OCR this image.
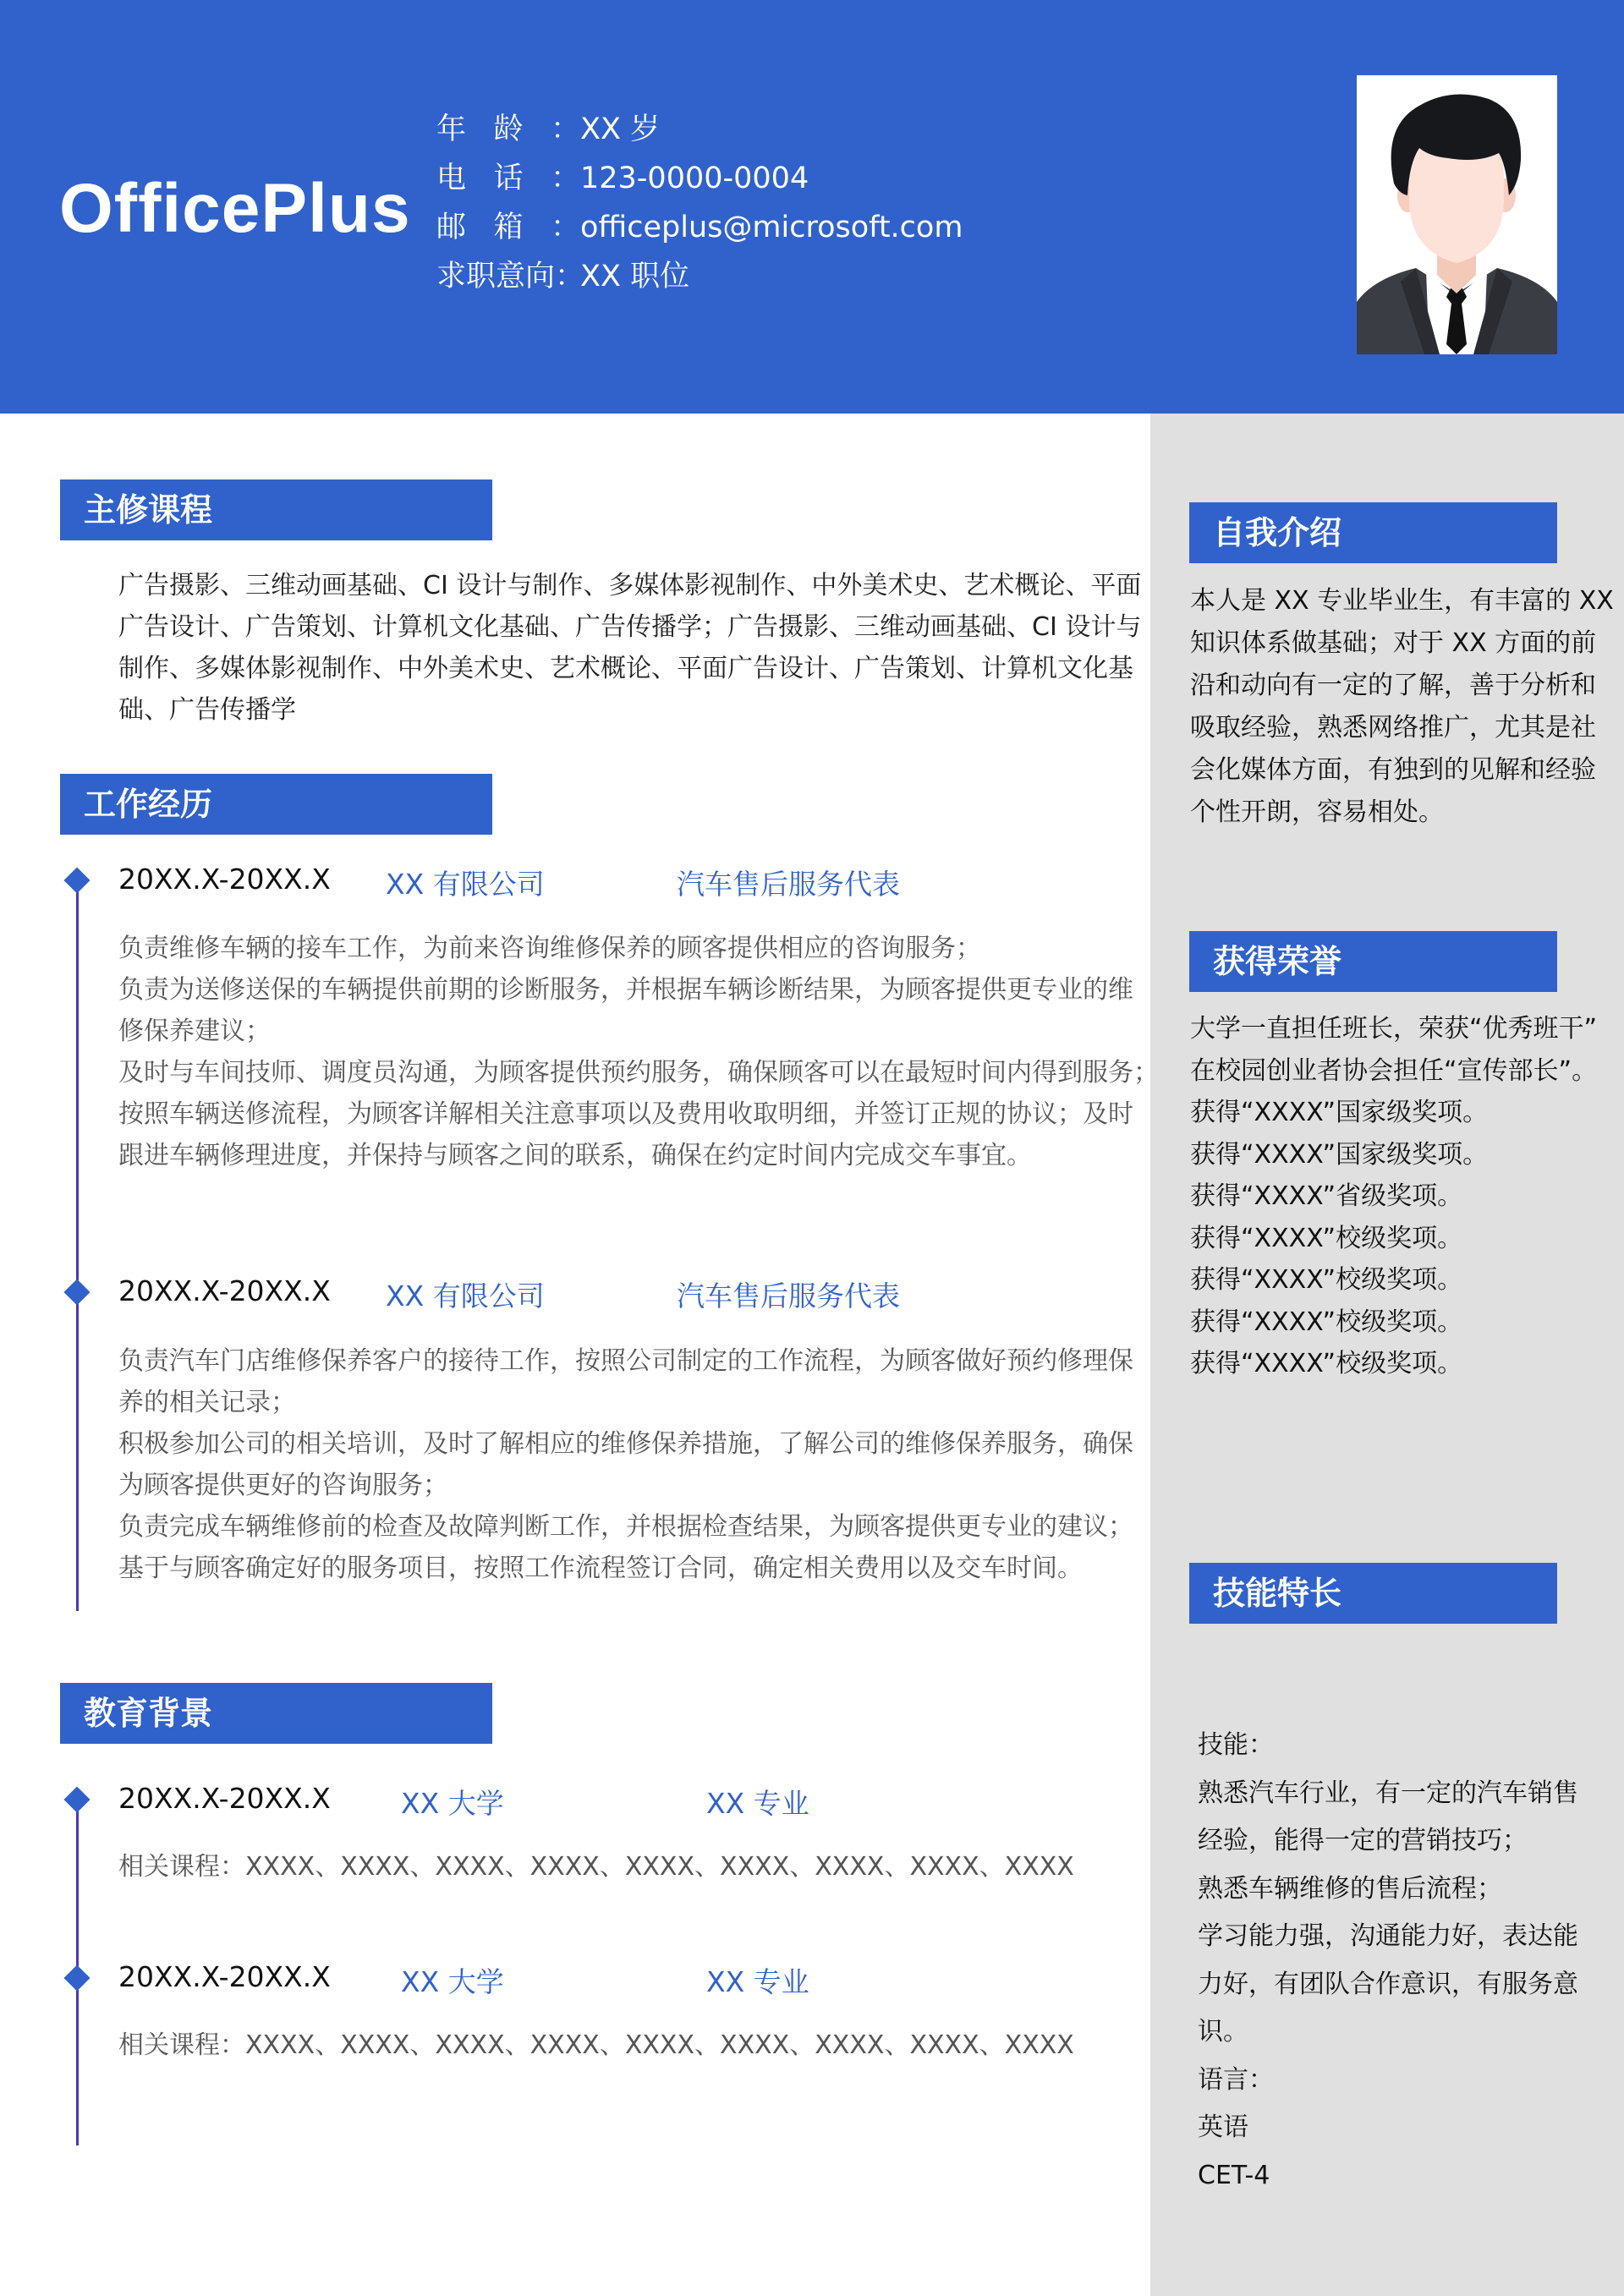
OfficePlus
年龄：XX 岁
电话：123-0000-0004
邮箱：officeplus@microsoft.com
求职意向：XX 职位
主修课程
广告摄影、三维动画基础、CI 设计与制作、多媒体影视制作、中外美术史、艺术概论、平面
广告设计、广告策划、计算机文化基础、广告传播学；广告摄影、三维动画基础、CI 设计与
制作、多媒体影视制作、中外美术史、艺术概论、平面广告设计、广告策划、计算机文化基
础、广告传播学
工作经历
20XX.X-20XX.X XX 有限公司	汽车售后服务代表
负责维修车辆的接车工作，为前来咨询维修保养的顾客提供相应的咨询服务；
负责为送修送保的车辆提供前期的诊断服务，并根据车辆诊断结果，为顾客提供更专业的维
修保养建议；
及时与车间技师、调度员沟通，为顾客提供预约服务，确保顾客可以在最短时间内得到服务；
按照车辆送修流程，为顾客详解相关注意事项以及费用收取明细，并签订正规的协议；及时
跟进车辆修理进度，并保持与顾客之间的联系，确保在约定时间内完成交车事宜。
20XX.X-20XX.X XX 有限公司	汽车售后服务代表
负责汽车门店维修保养客户的接待工作，按照公司制定的工作流程，为顾客做好预约修理保
养的相关记录；
积极参加公司的相关培训，及时了解相应的维修保养措施，了解公司的维修保养服务，确保
为顾客提供更好的咨询服务；
负责完成车辆维修前的检查及故障判断工作，并根据检查结果，为顾客提供更专业的建议；
基于与顾客确定好的服务项目，按照工作流程签订合同，确定相关费用以及交车时间。
教育背景
20XX.X-20XX.X	XX 大学	XX 专业
相关课程：XXXX、XXXX、XXXX、XXXX、XXXX、XXXX、XXXX、XXXX、XXXX
20XX.X-20XX.X	XX 大学	XX 专业
相关课程：XXXX、XXXX、XXXX、XXXX、XXXX、XXXX、XXXX、XXXX、XXXX
自我介绍
本人是 XX 专业毕业生，有丰富的 XX
知识体系做基础；对于 XX 方面的前
沿和动向有一定的了解，善于分析和
吸取经验，熟悉网络推广，尤其是社
会化媒体方面，有独到的见解和经验
个性开朗，容易相处。
获得荣誉
大学一直担任班长，荣获“优秀班干”
在校园创业者协会担任“宣传部长”。
获得“XXXX”国家级奖项。
获得“XXXX”国家级奖项。
获得“XXXX”省级奖项。
获得“XXXX”校级奖项。
获得“XXXX”校级奖项。
获得“XXXX”校级奖项。
获得“XXXX”校级奖项。
技能特长
技能：
熟悉汽车行业，有一定的汽车销售
经验，能得一定的营销技巧；
熟悉车辆维修的售后流程；
学习能力强，沟通能力好，表达能
力好，有团队合作意识，有服务意
识。
语言：
英语
CET-4
